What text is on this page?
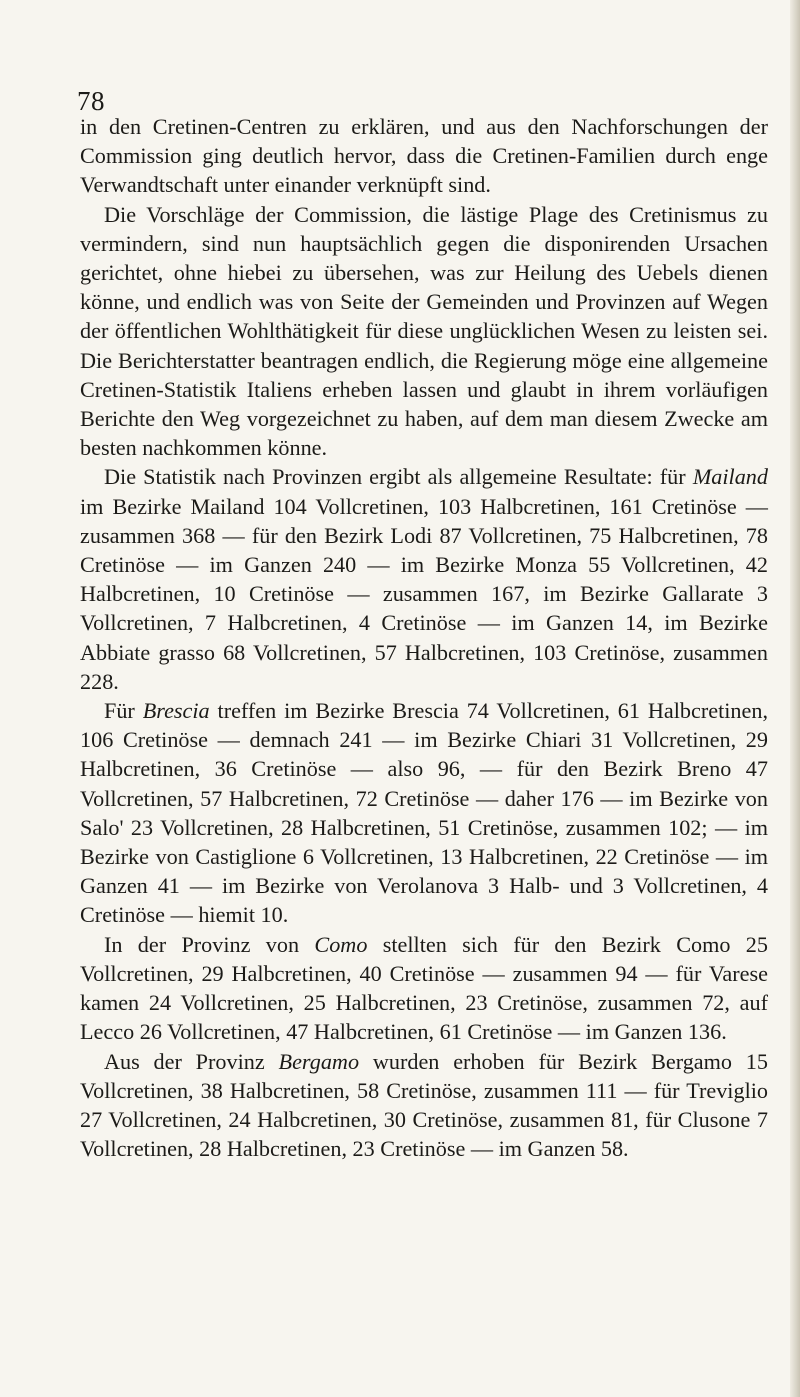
78

in den Cretinen-Centren zu erklären, und aus den Nachforschungen der Commission ging deutlich hervor, dass die Cretinen-Familien durch enge Verwandtschaft unter einander verknüpft sind.

Die Vorschläge der Commission, die lästige Plage des Cretinismus zu vermindern, sind nun hauptsächlich gegen die disponirenden Ursachen gerichtet, ohne hiebei zu übersehen, was zur Heilung des Uebels dienen könne, und endlich was von Seite der Gemeinden und Provinzen auf Wegen der öffentlichen Wohlthätigkeit für diese unglücklichen Wesen zu leisten sei. Die Berichterstatter beantragen endlich, die Regierung möge eine allgemeine Cretinen-Statistik Italiens erheben lassen und glaubt in ihrem vorläufigen Berichte den Weg vorgezeichnet zu haben, auf dem man diesem Zwecke am besten nachkommen könne.

Die Statistik nach Provinzen ergibt als allgemeine Resultate: für Mailand im Bezirke Mailand 104 Vollcretinen, 103 Halbcretinen, 161 Cretinöse — zusammen 368 — für den Bezirk Lodi 87 Vollcretinen, 75 Halbcretinen, 78 Cretinöse — im Ganzen 240 — im Bezirke Monza 55 Vollcretinen, 42 Halbcretinen, 10 Cretinöse — zusammen 167, im Bezirke Gallarate 3 Vollcretinen, 7 Halbcretinen, 4 Cretinöse — im Ganzen 14, im Bezirke Abbiate grasso 68 Vollcretinen, 57 Halbcretinen, 103 Cretinöse, zusammen 228.

Für Brescia treffen im Bezirke Brescia 74 Vollcretinen, 61 Halbcretinen, 106 Cretinöse — demnach 241 — im Bezirke Chiari 31 Vollcretinen, 29 Halbcretinen, 36 Cretinöse — also 96, — für den Bezirk Breno 47 Vollcretinen, 57 Halbcretinen, 72 Cretinöse — daher 176 — im Bezirke von Salo' 23 Vollcretinen, 28 Halbcretinen, 51 Cretinöse, zusammen 102; — im Bezirke von Castiglione 6 Vollcretinen, 13 Halbcretinen, 22 Cretinöse — im Ganzen 41 — im Bezirke von Verolanova 3 Halb- und 3 Vollcretinen, 4 Cretinöse — hiemit 10.

In der Provinz von Como stellten sich für den Bezirk Como 25 Vollcretinen, 29 Halbcretinen, 40 Cretinöse — zusammen 94 — für Varese kamen 24 Vollcretinen, 25 Halbcretinen, 23 Cretinöse, zusammen 72, auf Lecco 26 Vollcretinen, 47 Halbcretinen, 61 Cretinöse — im Ganzen 136.

Aus der Provinz Bergamo wurden erhoben für Bezirk Bergamo 15 Vollcretinen, 38 Halbcretinen, 58 Cretinöse, zusammen 111 — für Treviglio 27 Vollcretinen, 24 Halbcretinen, 30 Cretinöse, zusammen 81, für Clusone 7 Vollcretinen, 28 Halbcretinen, 23 Cretinöse — im Ganzen 58.
